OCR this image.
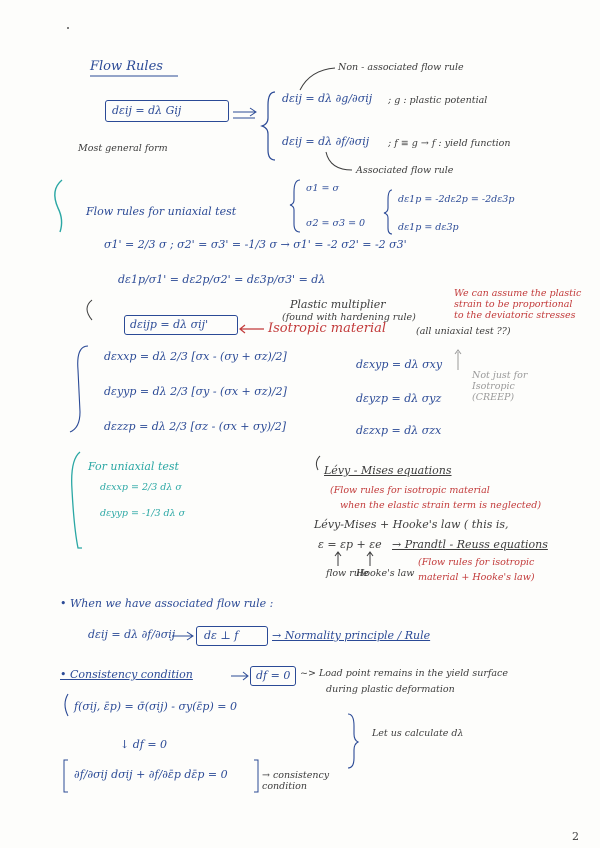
Flow Rules	Non - associated flow rule
dεij = dλ Gij
Most general form
dεij = dλ ∂g/∂σij ; g : plastic potential
dεij = dλ ∂f/∂σij ; f ≡ g → f : yield function
Associated flow rule
Flow rules for uniaxial test
σ1 = σ
σ2 = σ3 = 0
dε1p = -2dε2p = -2dε3p
dε1p = dε3p
σ1' = 2/3 σ ; σ2' = σ3' = -1/3 σ → σ1' = -2 σ2' = -2 σ3'
dε1p/σ1' = dε2p/σ2' = dε3p/σ3' = dλ
Plastic multiplier
(found with hardening rule)
We can assume the plastic strain to be proportional to the deviatoric stresses
dεijp = dλ σij'	Isotropic material	(all uniaxial test ??)
dεxxp = dλ 2/3 [σx - (σy + σz)/2]
dεyyp = dλ 2/3 [σy - (σx + σz)/2]
dεzzp = dλ 2/3 [σz - (σx + σy)/2]
dεxyp = dλ σxy
dεyzp = dλ σyz
dεzxp = dλ σzx
Not just for Isotropic (CREEP)
For uniaxial test
dεxxp = 2/3 dλ σ
dεyyp = -1/3 dλ σ
Lévy - Mises equations
(Flow rules for isotropic material
when the elastic strain term is neglected)
Lévy-Mises + Hooke's law ( this is,
ε = εp + εe → Prandtl - Reuss equations
flow rule
Hooke's law
(Flow rules for isotropic
material + Hooke's law)
• When we have associated flow rule :
dεij = dλ ∂f/∂σij	dε ⊥ f	→ Normality principle / Rule
• Consistency condition	df = 0 ~> Load point remains in the yield surface
during plastic deformation
f(σij, ε̄p) = σ̄(σij) - σy(ε̄p) = 0
↓ df = 0
Let us calculate dλ
∂f/∂σij dσij + ∂f/∂ε̄p dε̄p = 0	→ consistency condition
2
